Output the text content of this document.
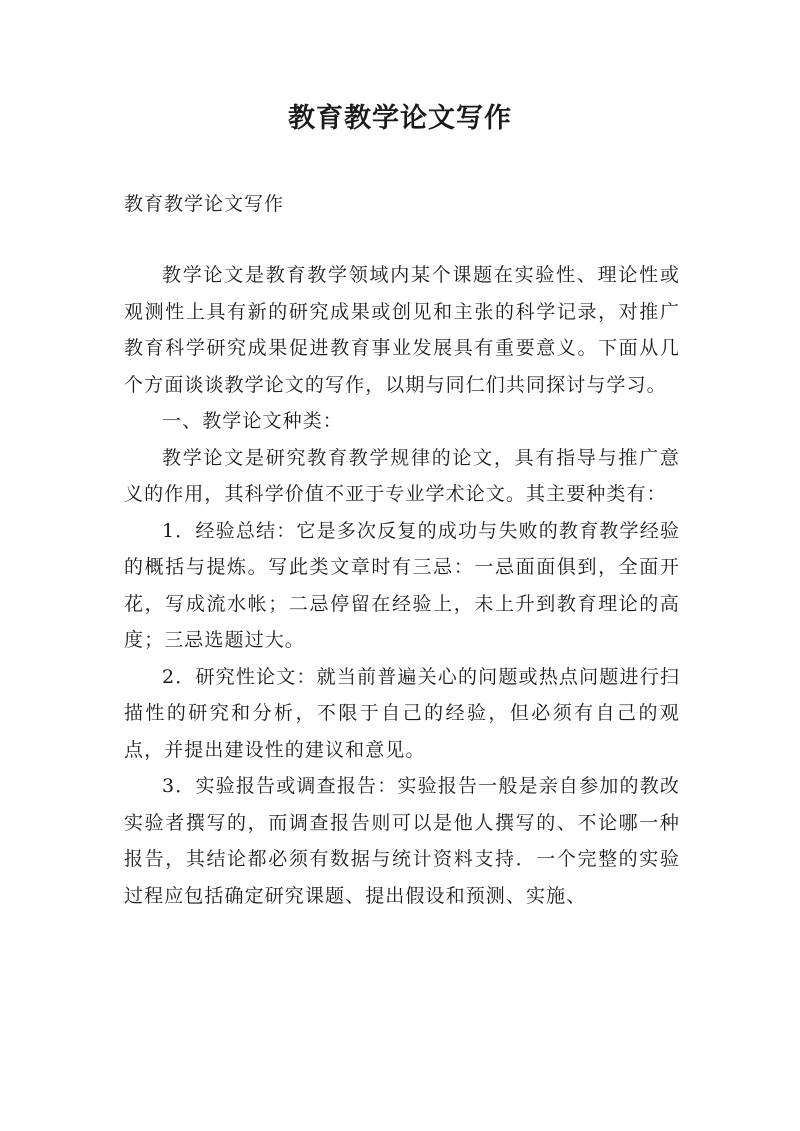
教育教学论文写作
教育教学论文写作

教学论文是教育教学领域内某个课题在实验性、理论性或观测性上具有新的研究成果或创见和主张的科学记录，对推广教育科学研究成果促进教育事业发展具有重要意义。下面从几个方面谈谈教学论文的写作，以期与同仁们共同探讨与学习。

一、教学论文种类：

教学论文是研究教育教学规律的论文，具有指导与推广意义的作用，其科学价值不亚于专业学术论文。其主要种类有：

1．经验总结：它是多次反复的成功与失败的教育教学经验的概括与提炼。写此类文章时有三忌：一忌面面俱到，全面开花，写成流水帐；二忌停留在经验上，未上升到教育理论的高度；三忌选题过大。

2．研究性论文：就当前普遍关心的问题或热点问题进行扫描性的研究和分析，不限于自己的经验，但必须有自己的观点，并提出建设性的建议和意见。

3．实验报告或调查报告：实验报告一般是亲自参加的教改实验者撰写的，而调查报告则可以是他人撰写的、不论哪一种报告，其结论都必须有数据与统计资料支持．一个完整的实验过程应包括确定研究课题、提出假设和预测、实施、
